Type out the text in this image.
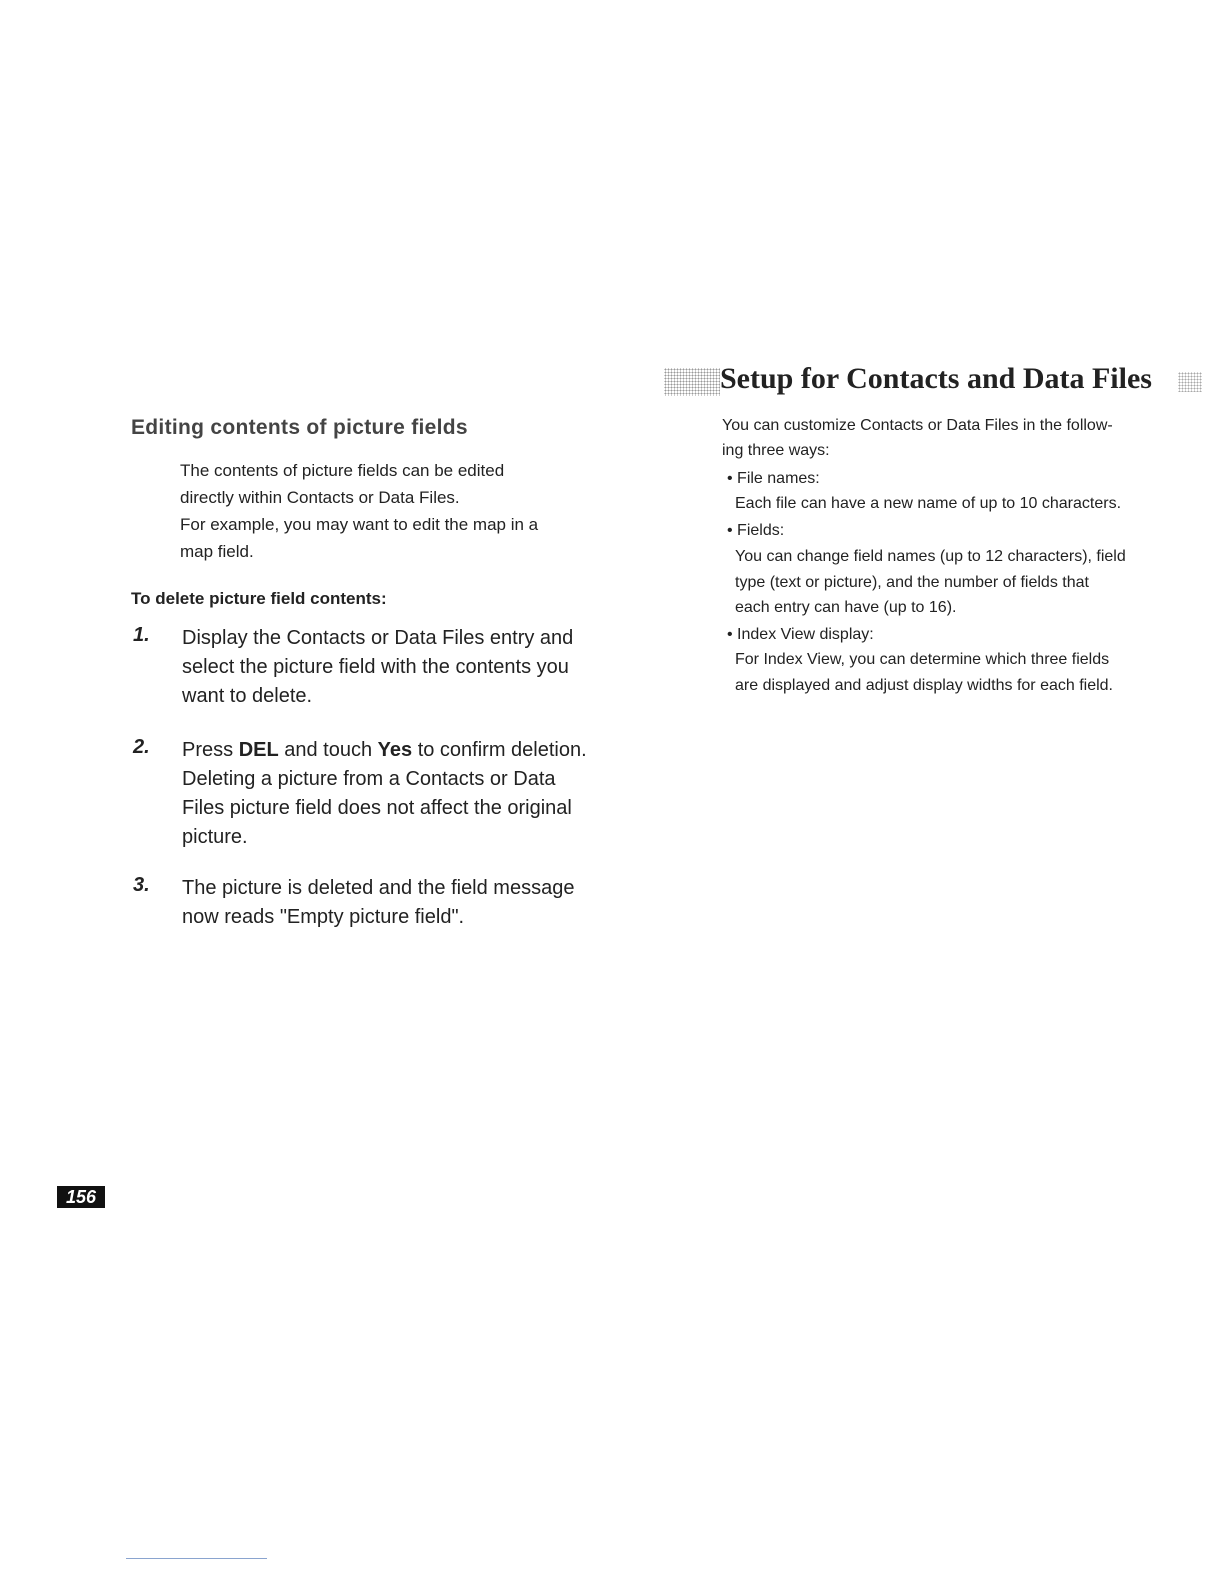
Editing contents of picture fields
The contents of picture fields can be edited
directly within Contacts or Data Files.
For example, you may want to edit the map in a
map field.
To delete picture field contents:
1. Display the Contacts or Data Files entry and
select the picture field with the contents you
want to delete.
2. Press DEL and touch Yes to confirm deletion.
Deleting a picture from a Contacts or Data
Files picture field does not affect the original
picture.
3. The picture is deleted and the field message
now reads "Empty picture field".
Setup for Contacts and Data Files
You can customize Contacts or Data Files in the follow-
ing three ways:
• File names:
Each file can have a new name of up to 10 characters.
• Fields:
You can change field names (up to 12 characters), field
type (text or picture), and the number of fields that
each entry can have (up to 16).
• Index View display:
For Index View, you can determine which three fields
are displayed and adjust display widths for each field.
156
